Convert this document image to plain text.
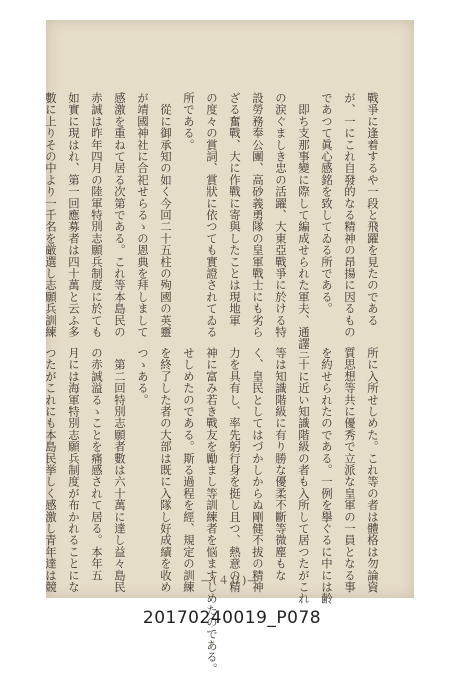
戰爭に逢着するや一段と飛躍を見たのである
が、一にこれ自發的なる精神の昂揚に因るもの
であつて眞心感銘を致してゐる所である。
　即ち支那事變に際して編成せられた軍夫、通譯
の涙ぐましき忠の活躍、大東亞戰爭に於ける特
設勞務奉公團、高砂義勇隊の皇軍戰士にも劣ら
ざる奮戰、大に作戰に寄與したことは現地軍
の度々の賞詞、賞狀に依つても實證されてゐる
所である。
　從に御承知の如く今回二十五柱の殉國の英靈
が靖國神社に合祀せらるゝの恩典を拜しまして
感激を重ねて居る次第である。これ等本島民の
赤誠は昨年四月の陸軍特別志願兵制度に於ても
如實に現はれ、第一回應募者は四十萬と云ふ多
數に上りその中より一千名を厳選し志願兵訓練
所に入所せしめた。これ等の者は體格は勿論資
質思想等共に優秀で立派な皇軍の一員となる事
を約せられたのである。一例を擧ぐるに中には齢
三十に近い知識階級の者も入所して居つたがこれ
等は知識階級に有り勝な優柔不斷等微塵もな
く、皇民としてはづかしからぬ剛健不拔の精神
力を具有し、率先躬行身を挺し且つ、熱意の精
神に富み若き戰友を勵まし等訓練者を悩ますしめたのである。
せしめたのである。斯る過程を經、規定の訓練
を終了した者の大部は既に入隊し好成績を收め
つゝある。
　第二回特別志願者數は六十萬に達し益々島民
の赤誠溢るゝことを痛感されて居る。本年五
月には海軍特別志願兵制度が布かれることにな
つたがこれにも本島民挙しく感激し青年達は競	—(４０)—
20170240019_P078
